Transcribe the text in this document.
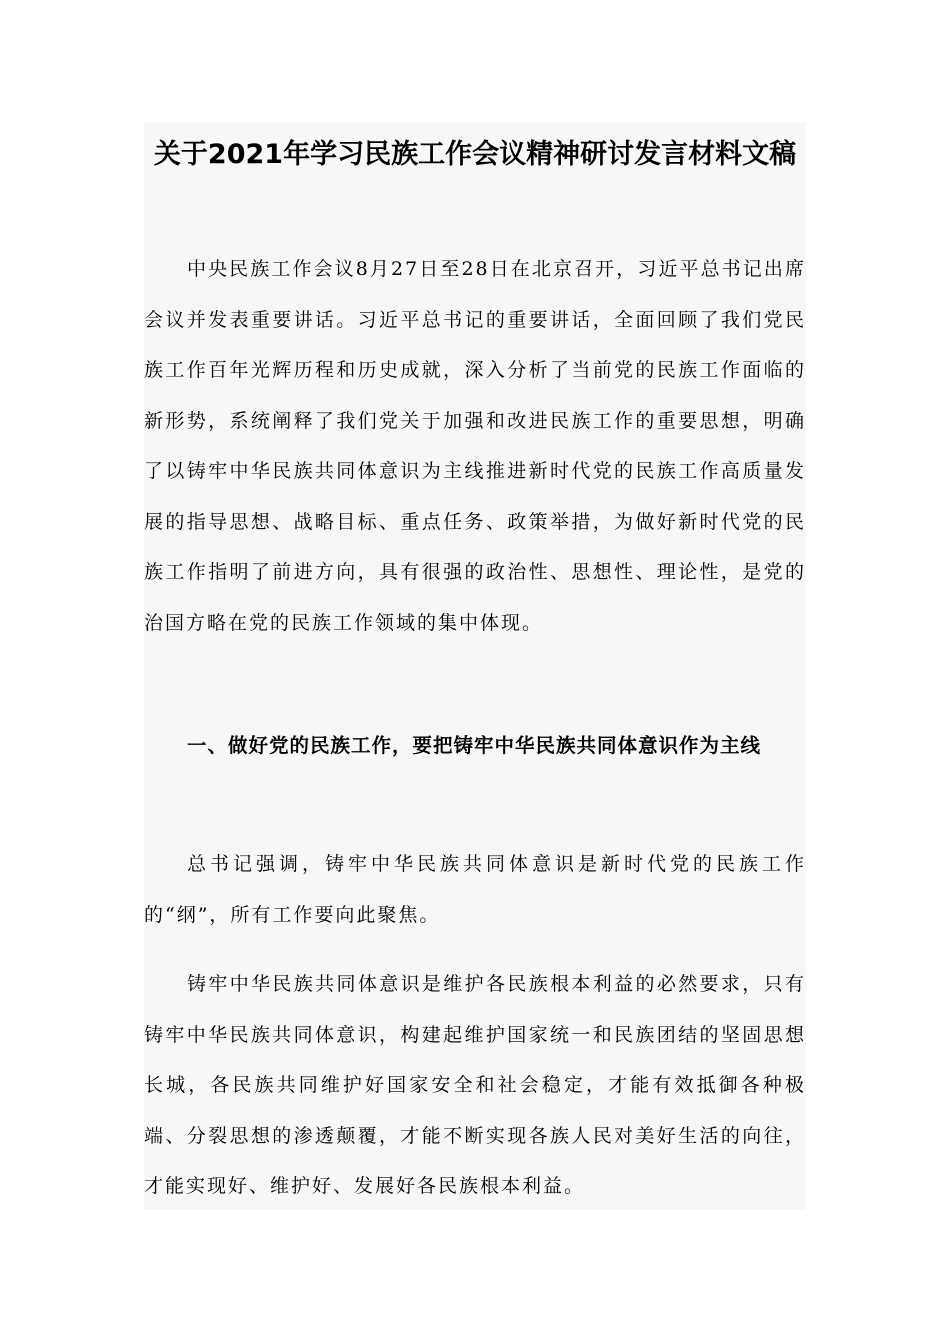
关于2021年学习民族工作会议精神研讨发言材料文稿

中央民族工作会议8月27日至28日在北京召开，习近平总书记出席会议并发表重要讲话。习近平总书记的重要讲话，全面回顾了我们党民族工作百年光辉历程和历史成就，深入分析了当前党的民族工作面临的新形势，系统阐释了我们党关于加强和改进民族工作的重要思想，明确了以铸牢中华民族共同体意识为主线推进新时代党的民族工作高质量发展的指导思想、战略目标、重点任务、政策举措，为做好新时代党的民族工作指明了前进方向，具有很强的政治性、思想性、理论性，是党的治国方略在党的民族工作领域的集中体现。

一、做好党的民族工作，要把铸牢中华民族共同体意识作为主线

总书记强调，铸牢中华民族共同体意识是新时代党的民族工作的“纲”，所有工作要向此聚焦。

铸牢中华民族共同体意识是维护各民族根本利益的必然要求，只有铸牢中华民族共同体意识，构建起维护国家统一和民族团结的坚固思想长城，各民族共同维护好国家安全和社会稳定，才能有效抵御各种极端、分裂思想的渗透颠覆，才能不断实现各族人民对美好生活的向往，才能实现好、维护好、发展好各民族根本利益。
